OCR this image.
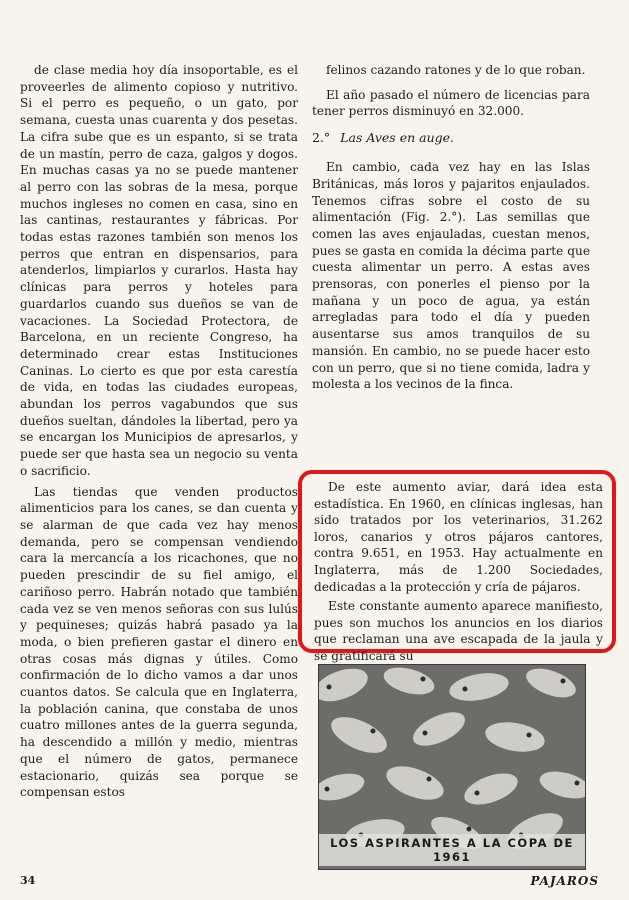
de clase media hoy día insoportable, es el proveerles de alimento copioso y nutritivo. Si el perro es pequeño, o un gato, por semana, cuesta unas cuarenta y dos pesetas. La cifra sube que es un espanto, si se trata de un mastín, perro de caza, galgos y dogos. En muchas casas ya no se puede mantener al perro con las sobras de la mesa, porque muchos ingleses no comen en casa, sino en las cantinas, restaurantes y fábricas. Por todas estas razones también son menos los perros que entran en dispensarios, para atenderlos, limpiarlos y curarlos. Hasta hay clínicas para perros y hoteles para guardarlos cuando sus dueños se van de vacaciones. La Sociedad Protectora, de Barcelona, en un reciente Congreso, ha determinado crear estas Instituciones Caninas. Lo cierto es que por esta carestía de vida, en todas las ciudades europeas, abundan los perros vagabundos que sus dueños sueltan, dándoles la libertad, pero ya se encargan los Municipios de apresarlos, y puede ser que hasta sea un negocio su venta o sacrificio.

Las tiendas que venden productos alimenticios para los canes, se dan cuenta y se alarman de que cada vez hay menos demanda, pero se compensan vendiendo cara la mercancía a los ricachones, que no pueden prescindir de su fiel amigo, el cariñoso perro. Habrán notado que también cada vez se ven menos señoras con sus lulús y pequineses; quizás habrá pasado ya la moda, o bien prefieren gastar el dinero en otras cosas más dignas y útiles. Como confirmación de lo dicho vamos a dar unos cuantos datos. Se calcula que en Inglaterra, la población canina, que constaba de unos cuatro millones antes de la guerra segunda, ha descendido a millón y medio, mientras que el número de gatos, permanece estacionario, quizás sea porque se compensan estos

felinos cazando ratones y de lo que roban.

El año pasado el número de licencias para tener perros disminuyó en 32.000.

2.° Las Aves en auge.

En cambio, cada vez hay en las Islas Británicas, más loros y pajaritos enjaulados. Tenemos cifras sobre el costo de su alimentación (Fig. 2.°). Las semillas que comen las aves enjauladas, cuestan menos, pues se gasta en comida la décima parte que cuesta alimentar un perro. A estas aves prensoras, con ponerles el pienso por la mañana y un poco de agua, ya están arregladas para todo el día y pueden ausentarse sus amos tranquilos de su mansión. En cambio, no se puede hacer esto con un perro, que si no tiene comida, ladra y molesta a los vecinos de la finca.

De este aumento aviar, dará idea esta estadística. En 1960, en clínicas inglesas, han sido tratados por los veterinarios, 31.262 loros, canarios y otros pájaros cantores, contra 9.651, en 1953. Hay actualmente en Inglaterra, más de 1.200 Sociedades, dedicadas a la protección y cría de pájaros.

Este constante aumento aparece manifiesto, pues son muchos los anuncios en los diarios que reclaman una ave escapada de la jaula y se gratificará su

LOS ASPIRANTES A LA COPA DE 1961
34	PAJAROS
